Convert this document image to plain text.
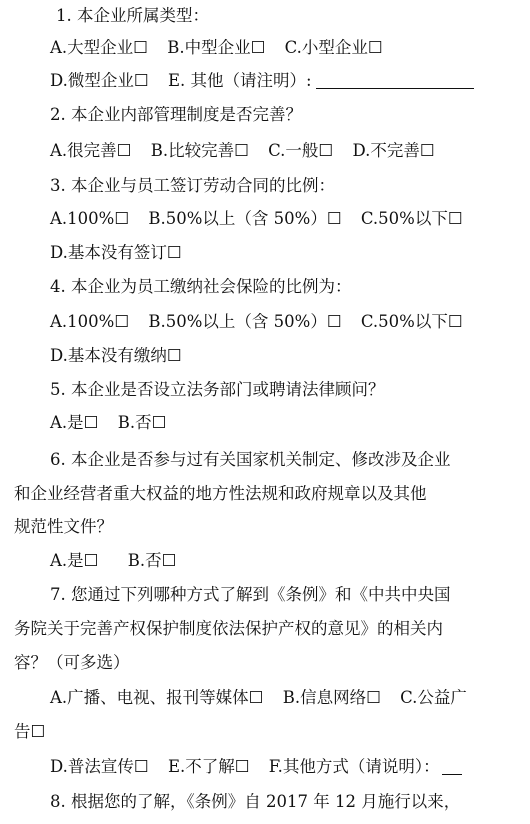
1. 本企业所属类型：
A.大型企业☐ B.中型企业☐ C.小型企业☐
D.微型企业☐ E. 其他（请注明）:
2. 本企业内部管理制度是否完善？
A.很完善☐ B.比较完善☐ C.一般☐ D.不完善☐
3. 本企业与员工签订劳动合同的比例：
A.100%☐ B.50%以上（含 50%）☐ C.50%以下☐
D.基本没有签订☐
4. 本企业为员工缴纳社会保险的比例为：
A.100%☐ B.50%以上（含 50%）☐ C.50%以下☐
D.基本没有缴纳☐
5. 本企业是否设立法务部门或聘请法律顾问？
A.是☐ B.否☐
6. 本企业是否参与过有关国家机关制定、修改涉及企业
和企业经营者重大权益的地方性法规和政府规章以及其他
规范性文件？
A.是☐ B.否☐
7. 您通过下列哪种方式了解到《条例》和《中共中央国
务院关于完善产权保护制度依法保护产权的意见》的相关内
容？（可多选）
A.广播、电视、报刊等媒体☐ B.信息网络☐ C.公益广
告☐
D.普法宣传☐ E.不了解☐ F.其他方式（请说明）：
8. 根据您的了解，《条例》自 2017 年 12 月施行以来，
